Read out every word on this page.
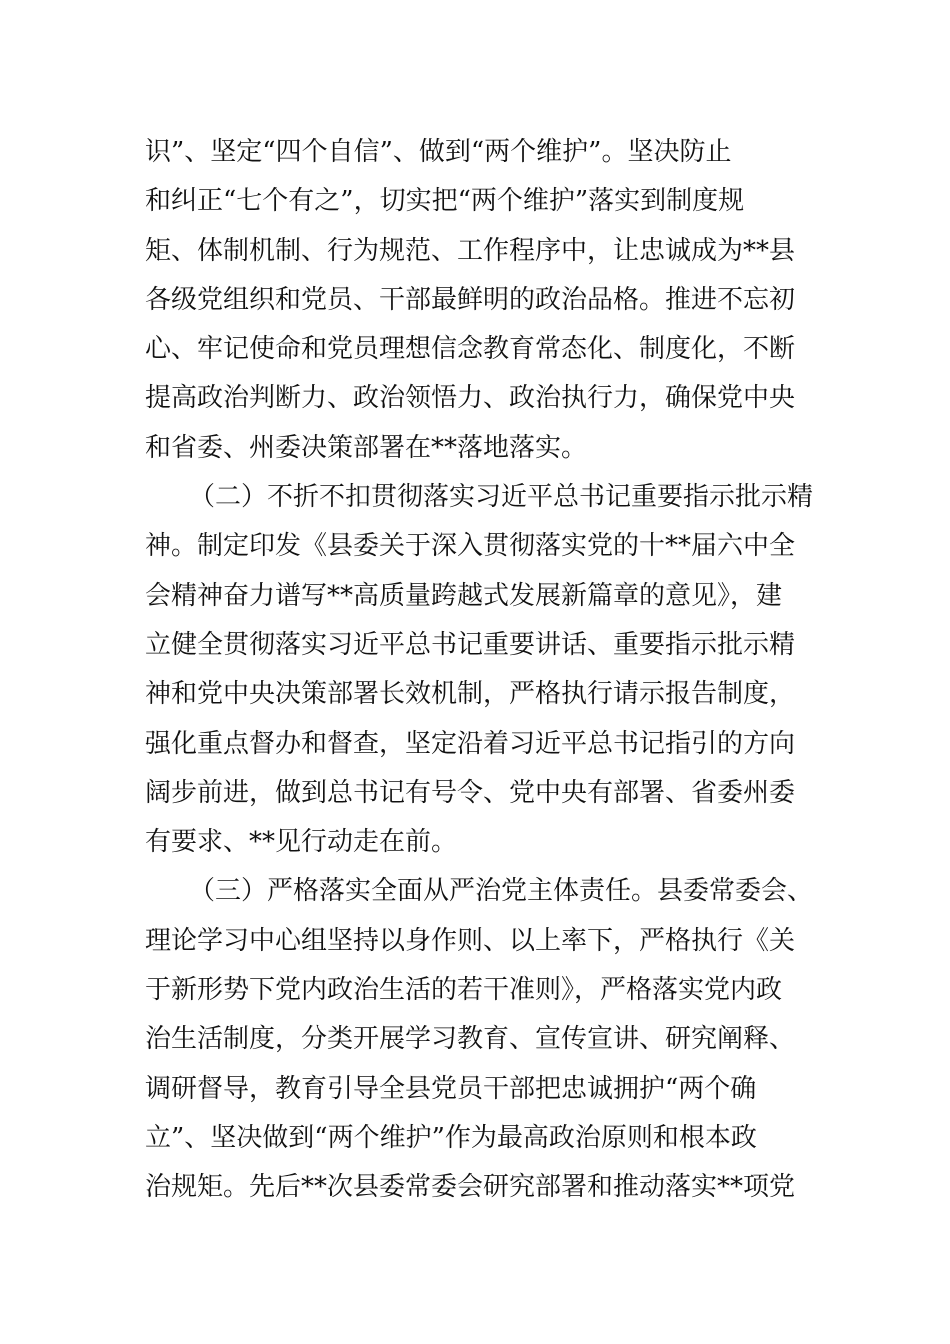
识”、坚定“四个自信”、做到“两个维护”。坚决防止
和纠正“七个有之”，切实把“两个维护”落实到制度规
矩、体制机制、行为规范、工作程序中，让忠诚成为**县
各级党组织和党员、干部最鲜明的政治品格。推进不忘初
心、牢记使命和党员理想信念教育常态化、制度化，不断
提高政治判断力、政治领悟力、政治执行力，确保党中央
和省委、州委决策部署在**落地落实。
（二）不折不扣贯彻落实习近平总书记重要指示批示精
神。制定印发《县委关于深入贯彻落实党的十**届六中全
会精神奋力谱写**高质量跨越式发展新篇章的意见》，建
立健全贯彻落实习近平总书记重要讲话、重要指示批示精
神和党中央决策部署长效机制，严格执行请示报告制度，
强化重点督办和督查，坚定沿着习近平总书记指引的方向
阔步前进，做到总书记有号令、党中央有部署、省委州委
有要求、**见行动走在前。
（三）严格落实全面从严治党主体责任。县委常委会、
理论学习中心组坚持以身作则、以上率下，严格执行《关
于新形势下党内政治生活的若干准则》，严格落实党内政
治生活制度，分类开展学习教育、宣传宣讲、研究阐释、
调研督导，教育引导全县党员干部把忠诚拥护“两个确
立”、坚决做到“两个维护”作为最高政治原则和根本政
治规矩。先后**次县委常委会研究部署和推动落实**项党
